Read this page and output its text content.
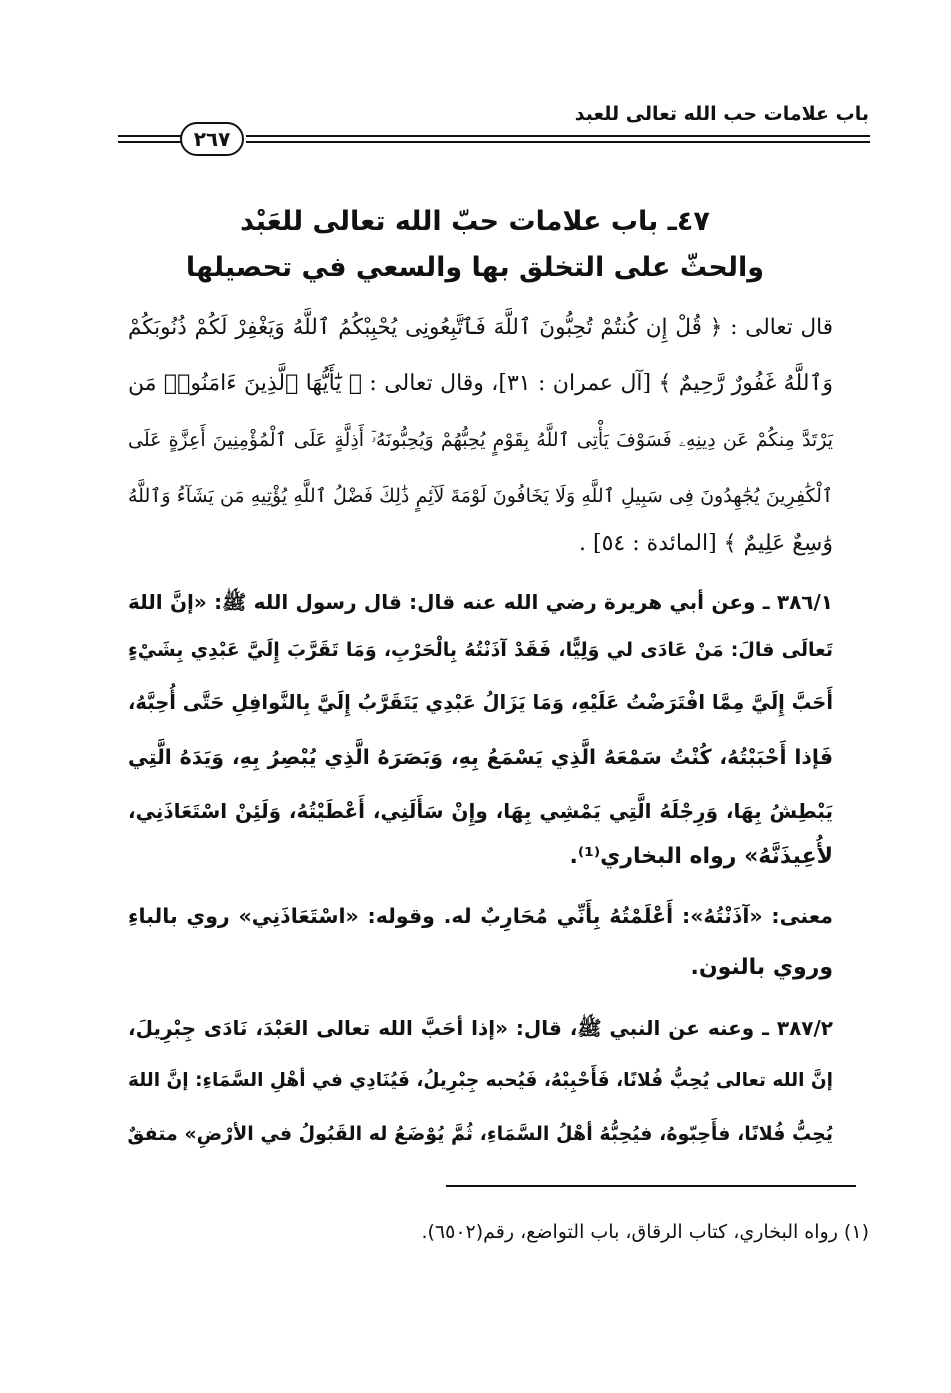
باب علامات حب الله تعالى للعبد
٢٦٧
٤٧ـ باب علامات حبّ الله تعالى للعَبْد
والحثّ على التخلق بها والسعي في تحصيلها
قال تعالى : ﴿ قُلْ إِن كُنتُمْ تُحِبُّونَ ٱللَّهَ فَٱتَّبِعُونِى يُحْبِبْكُمُ ٱللَّهُ وَيَغْفِرْ لَكُمْ ذُنُوبَكُمْ
وَٱللَّهُ غَفُورٌ رَّحِيمٌ ﴾ [آل عمران : ٣١]، وقال تعالى : ﴿ يَٰٓأَيُّهَا ٱلَّذِينَ ءَامَنُوا۟ مَن
يَرْتَدَّ مِنكُمْ عَن دِينِهِۦ فَسَوْفَ يَأْتِى ٱللَّهُ بِقَوْمٍ يُحِبُّهُمْ وَيُحِبُّونَهُۥٓ أَذِلَّةٍ عَلَى ٱلْمُؤْمِنِينَ أَعِزَّةٍ عَلَى
ٱلْكَٰفِرِينَ يُجَٰهِدُونَ فِى سَبِيلِ ٱللَّهِ وَلَا يَخَافُونَ لَوْمَةَ لَآئِمٍ ذَٰلِكَ فَضْلُ ٱللَّهِ يُؤْتِيهِ مَن يَشَآءُ وَٱللَّهُ
وَٰسِعٌ عَلِيمٌ ﴾ [المائدة : ٥٤] .
٣٨٦/١ ـ وعن أبي هريرة رضي الله عنه قال: قال رسول الله ﷺ: «إنَّ اللهَ
تَعالَى قالَ: مَنْ عَادَى لي وَلِيًّا، فَقَدْ آذَنْتُهُ بِالْحَرْبِ، وَمَا تَقَرَّبَ إِلَيَّ عَبْدِي بِشَيْءٍ
أَحَبَّ إِلَيَّ مِمَّا افْتَرَضْتُ عَلَيْهِ، وَمَا يَزَالُ عَبْدِي يَتَقَرَّبُ إِلَيَّ بِالنَّوافِلِ حَتَّى أُحِبَّهُ،
فَإذا أَحْبَبْتُهُ، كُنْتُ سَمْعَهُ الَّذِي يَسْمَعُ بِهِ، وَبَصَرَهُ الَّذِي يُبْصِرُ بِهِ، وَيَدَهُ الَّتِي
يَبْطِشُ بِهَا، وَرِجْلَهُ الَّتِي يَمْشِي بِهَا، وإِنْ سَأَلَنِي، أَعْطَيْتُهُ، وَلَئِنْ اسْتَعَاذَنِي،
لأُعِيذَنَّهُ» رواه البخاري⁽¹⁾.
معنى: «آذَنْتُهُ»: أَعْلَمْتُهُ بِأَنِّي مُحَارِبٌ له. وقوله: «اسْتَعَاذَنِي» روي بالباءِ
وروي بالنون.
٣٨٧/٢ ـ وعنه عن النبي ﷺ، قال: «إذا أحَبَّ الله تعالى العَبْدَ، نَادَى جِبْرِيلَ،
إنَّ الله تعالى يُحِبُّ فُلانًا، فَأَحْبِبْهُ، فَيُحبه جِبْرِيلُ، فَيُنَادِي في أهْلِ السَّمَاءِ: إنَّ اللهَ
يُحِبُّ فُلانًا، فأَحِبّوهُ، فيُحِبُّهُ أهْلُ السَّمَاءِ، ثُمَّ يُوْضَعُ له القَبُولُ في الأرْضِ» متفقٌ
(١) رواه البخاري، كتاب الرقاق، باب التواضع، رقم(٦٥٠٢).
